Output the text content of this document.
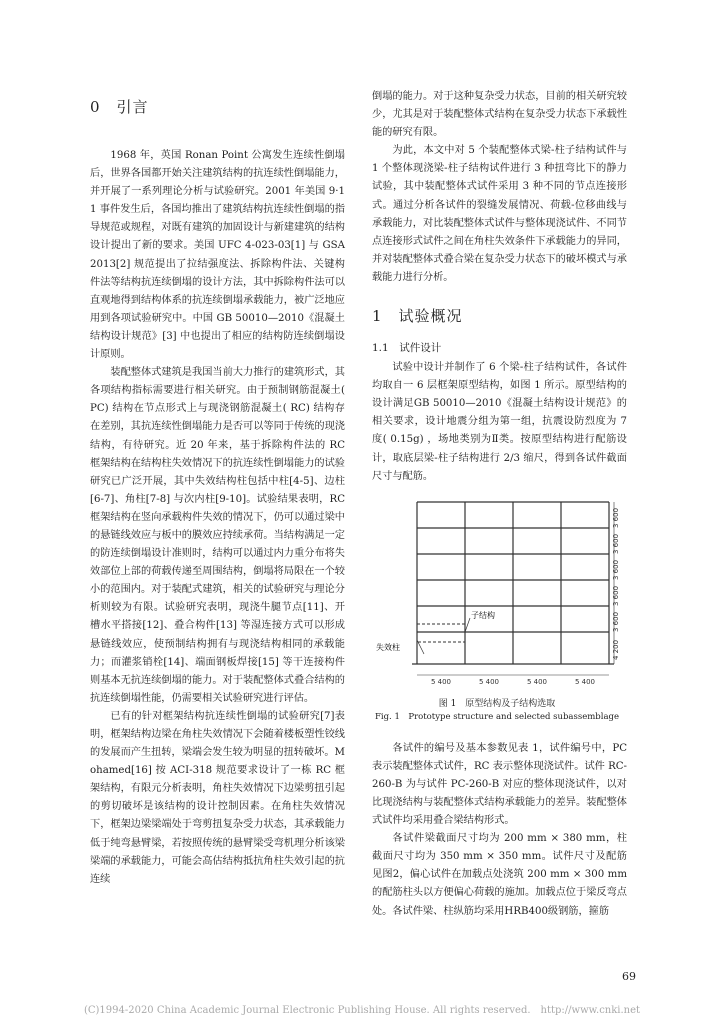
0　引言

1968 年，英国 Ronan Point 公寓发生连续性倒塌后，世界各国都开始关注建筑结构的抗连续性倒塌能力，并开展了一系列理论分析与试验研究。2001 年美国 9·11 事件发生后，各国均推出了建筑结构抗连续性倒塌的指导规范或规程，对既有建筑的加固设计与新建建筑的结构设计提出了新的要求。美国 UFC 4-023-03[1] 与 GSA 2013[2] 规范提出了拉结强度法、拆除构件法、关键构件法等结构抗连续倒塌的设计方法，其中拆除构件法可以直观地得到结构体系的抗连续倒塌承载能力，被广泛地应用到各项试验研究中。中国 GB 50010—2010《混凝土结构设计规范》[3] 中也提出了相应的结构防连续倒塌设计原则。

装配整体式建筑是我国当前大力推行的建筑形式，其各项结构指标需要进行相关研究。由于预制钢筋混凝土( PC) 结构在节点形式上与现浇钢筋混凝土( RC) 结构存在差别，其抗连续性倒塌能力是否可以等同于传统的现浇结构，有待研究。近 20 年来，基于拆除构件法的 RC 框架结构在结构柱失效情况下的抗连续性倒塌能力的试验研究已广泛开展，其中失效结构柱包括中柱[4-5]、边柱[6-7]、角柱[7-8] 与次内柱[9-10]。试验结果表明，RC 框架结构在竖向承载构件失效的情况下，仍可以通过梁中的悬链线效应与板中的膜效应持续承荷。当结构满足一定的防连续倒塌设计准则时，结构可以通过内力重分布将失效部位上部的荷载传递至周围结构，倒塌将局限在一个较小的范围内。对于装配式建筑，相关的试验研究与理论分析则较为有限。试验研究表明，现浇牛腿节点[11]、开槽水平搭接[12]、叠合构件[13] 等湿连接方式可以形成悬链线效应，使预制结构拥有与现浇结构相同的承载能力；而灌浆销栓[14]、端面钢板焊接[15] 等干连接构件则基本无抗连续倒塌的能力。对于装配整体式叠合结构的抗连续倒塌性能，仍需要相关试验研究进行评估。

已有的针对框架结构抗连续性倒塌的试验研究[7]表明，框架结构边梁在角柱失效情况下会随着楼板塑性铰线的发展而产生扭转，梁端会发生较为明显的扭转破坏。Mohamed[16] 按 ACI-318 规范要求设计了一栋 RC 框架结构，有限元分析表明，角柱失效情况下边梁剪扭引起的剪切破坏是该结构的设计控制因素。在角柱失效情况下，框架边梁梁端处于弯剪扭复杂受力状态，其承载能力低于纯弯悬臂梁，若按照传统的悬臂梁受弯机理分析该梁梁端的承载能力，可能会高估结构抵抗角柱失效引起的抗连续

倒塌的能力。对于这种复杂受力状态，目前的相关研究较少，尤其是对于装配整体式结构在复杂受力状态下承载性能的研究有限。

为此，本文中对 5 个装配整体式梁-柱子结构试件与 1 个整体现浇梁-柱子结构试件进行 3 种扭弯比下的静力试验，其中装配整体式试件采用 3 种不同的节点连接形式。通过分析各试件的裂缝发展情况、荷载-位移曲线与承载能力，对比装配整体式试件与整体现浇试件、不同节点连接形式试件之间在角柱失效条件下承载能力的异同，并对装配整体式叠合梁在复杂受力状态下的破坏模式与承载能力进行分析。

1　试验概况
1.1　试件设计

试验中设计并制作了 6 个梁-柱子结构试件，各试件均取自一 6 层框架原型结构，如图 1 所示。原型结构的设计满足GB 50010—2010《混凝土结构设计规范》的相关要求，设计地震分组为第一组，抗震设防烈度为 7 度( 0.15g) ，场地类别为Ⅱ类。按原型结构进行配筋设计，取底层梁-柱子结构进行 2/3 缩尺，得到各试件截面尺寸与配筋。

子结构
失效柱
3 600
3 600
3 600
3 600
3 600
4 200
5 400	5 400	5 400	5 400
图 1　原型结构及子结构选取
Fig. 1　Prototype structure and selected subassemblage

各试件的编号及基本参数见表 1，试件编号中，PC 表示装配整体式试件，RC 表示整体现浇试件。试件 RC-260-B 为与试件 PC-260-B 对应的整体现浇试件，以对比现浇结构与装配整体式结构承载能力的差异。装配整体式试件均采用叠合梁结构形式。

各试件梁截面尺寸均为 200 mm × 380 mm，柱截面尺寸均为 350 mm × 350 mm。试件尺寸及配筋见图2，偏心试件在加载点处浇筑 200 mm × 300 mm 的配筋柱头以方便偏心荷载的施加。加载点位于梁反弯点处。各试件梁、柱纵筋均采用HRB400级钢筋，箍筋

69
(C)1994-2020 China Academic Journal Electronic Publishing House. All rights reserved.　http://www.cnki.net
